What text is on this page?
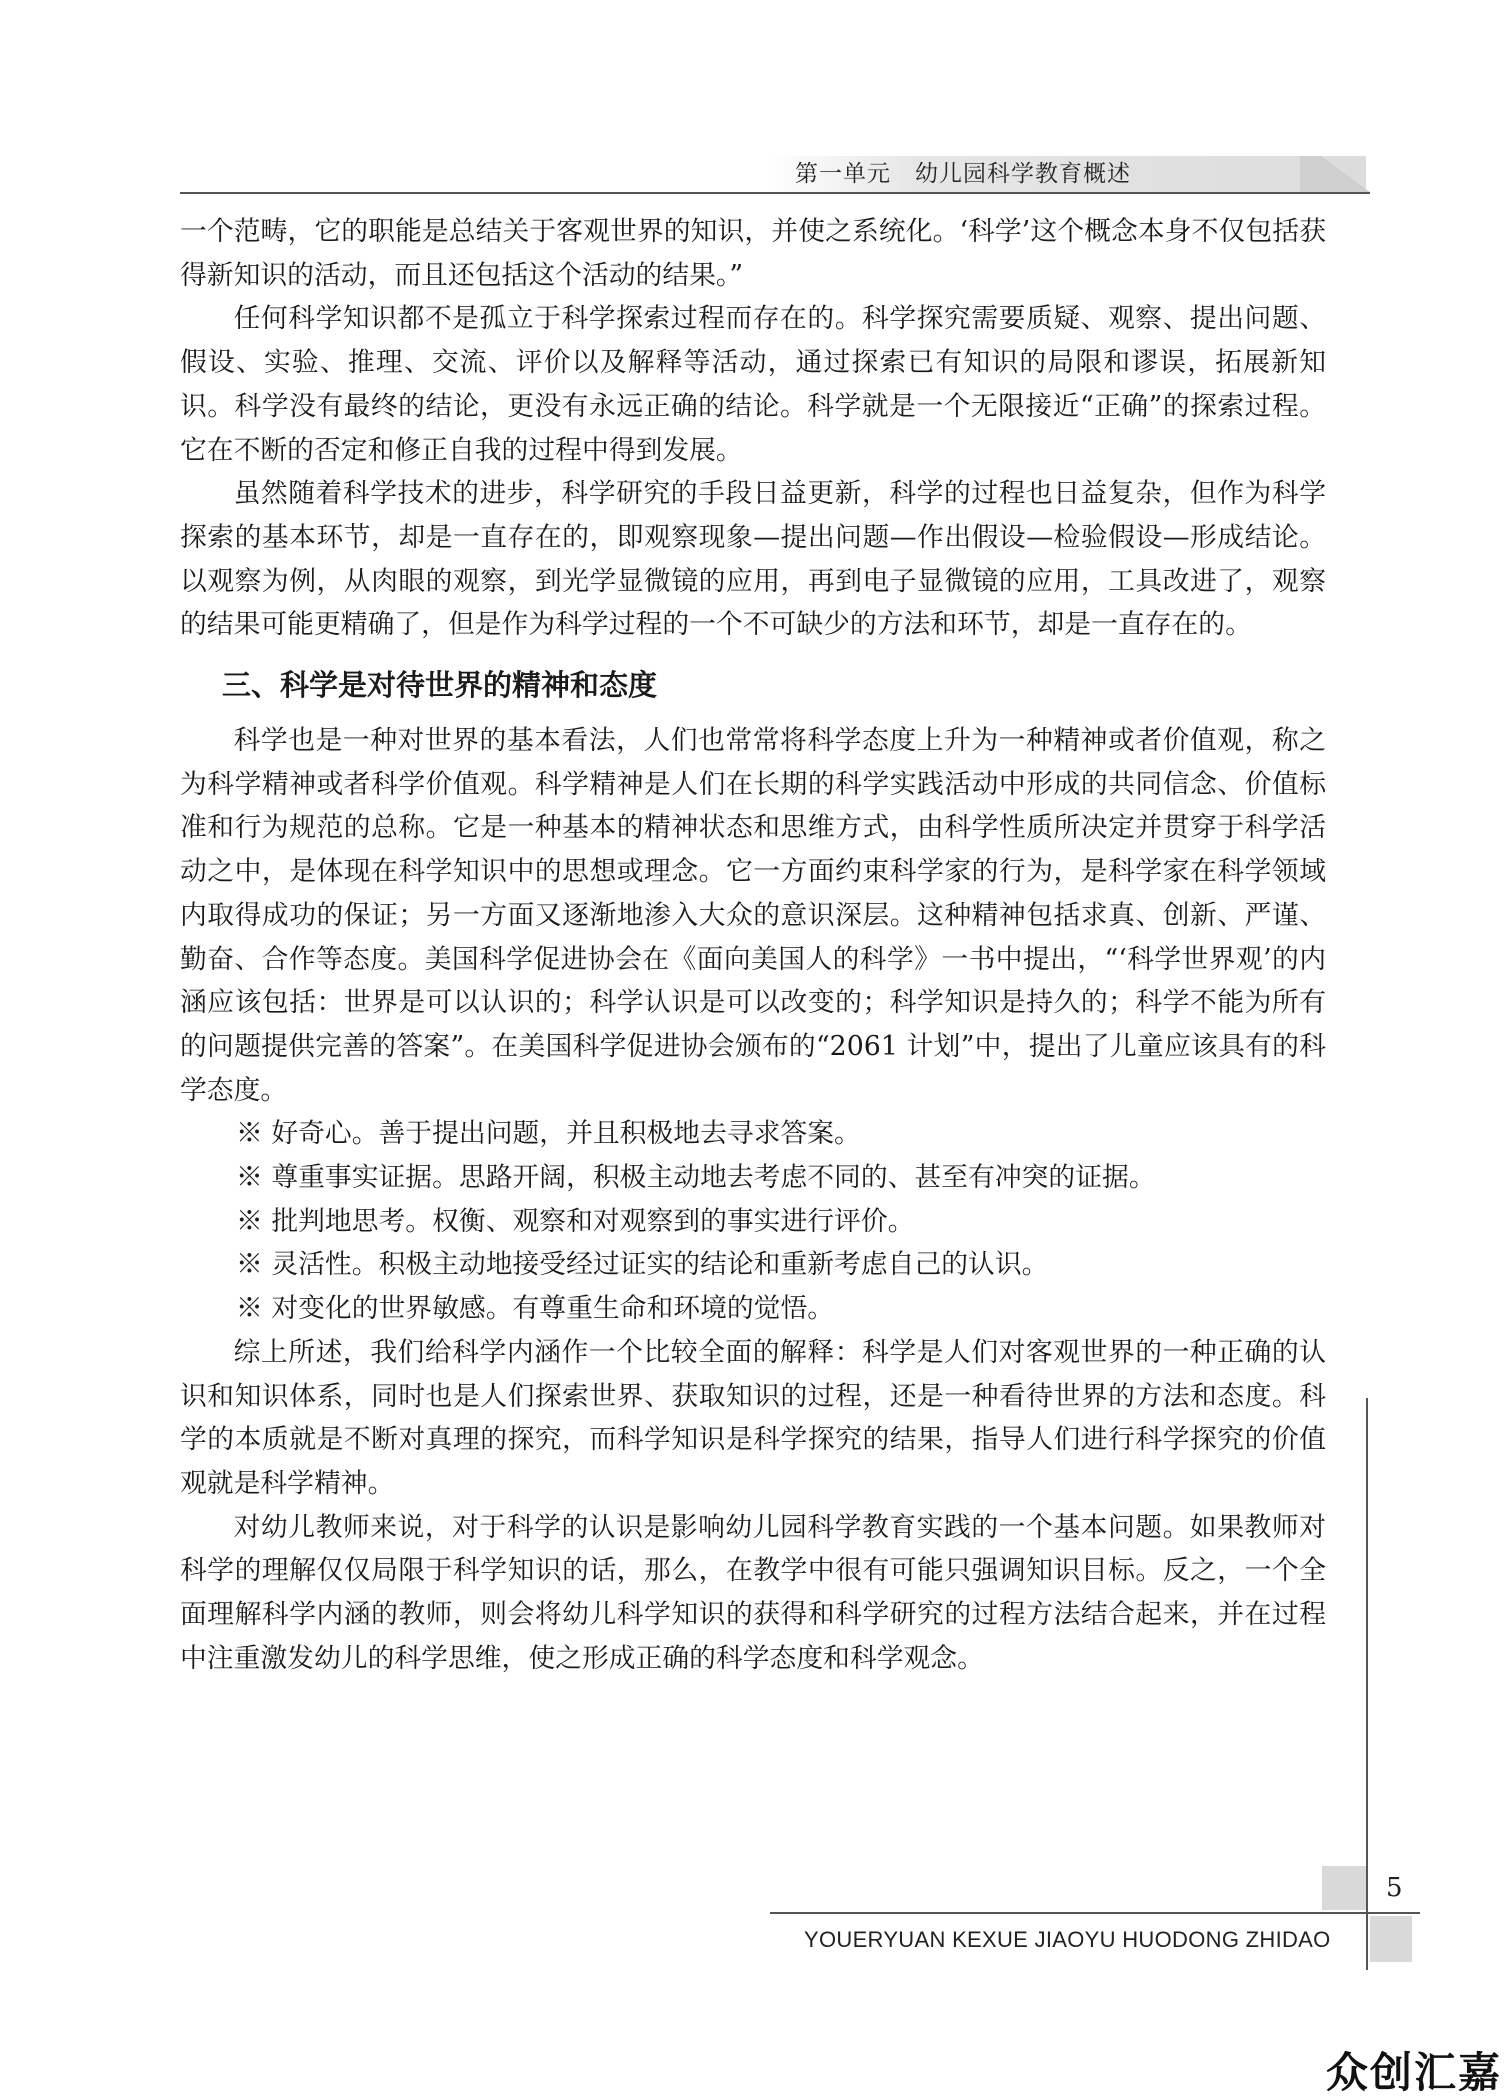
第一单元　幼儿园科学教育概述

一个范畴，它的职能是总结关于客观世界的知识，并使之系统化。‘科学’这个概念本身不仅包括获得新知识的活动，而且还包括这个活动的结果。”

任何科学知识都不是孤立于科学探索过程而存在的。科学探究需要质疑、观察、提出问题、假设、实验、推理、交流、评价以及解释等活动，通过探索已有知识的局限和谬误，拓展新知识。科学没有最终的结论，更没有永远正确的结论。科学就是一个无限接近“正确”的探索过程。它在不断的否定和修正自我的过程中得到发展。

虽然随着科学技术的进步，科学研究的手段日益更新，科学的过程也日益复杂，但作为科学探索的基本环节，却是一直存在的，即观察现象—提出问题—作出假设—检验假设—形成结论。以观察为例，从肉眼的观察，到光学显微镜的应用，再到电子显微镜的应用，工具改进了，观察的结果可能更精确了，但是作为科学过程的一个不可缺少的方法和环节，却是一直存在的。

三、科学是对待世界的精神和态度

科学也是一种对世界的基本看法，人们也常常将科学态度上升为一种精神或者价值观，称之为科学精神或者科学价值观。科学精神是人们在长期的科学实践活动中形成的共同信念、价值标准和行为规范的总称。它是一种基本的精神状态和思维方式，由科学性质所决定并贯穿于科学活动之中，是体现在科学知识中的思想或理念。它一方面约束科学家的行为，是科学家在科学领域内取得成功的保证；另一方面又逐渐地渗入大众的意识深层。这种精神包括求真、创新、严谨、勤奋、合作等态度。美国科学促进协会在《面向美国人的科学》一书中提出，“‘科学世界观’的内涵应该包括：世界是可以认识的；科学认识是可以改变的；科学知识是持久的；科学不能为所有的问题提供完善的答案”。在美国科学促进协会颁布的“2061 计划”中，提出了儿童应该具有的科学态度。

※ 好奇心。善于提出问题，并且积极地去寻求答案。

※ 尊重事实证据。思路开阔，积极主动地去考虑不同的、甚至有冲突的证据。

※ 批判地思考。权衡、观察和对观察到的事实进行评价。

※ 灵活性。积极主动地接受经过证实的结论和重新考虑自己的认识。

※ 对变化的世界敏感。有尊重生命和环境的觉悟。

综上所述，我们给科学内涵作一个比较全面的解释：科学是人们对客观世界的一种正确的认识和知识体系，同时也是人们探索世界、获取知识的过程，还是一种看待世界的方法和态度。科学的本质就是不断对真理的探究，而科学知识是科学探究的结果，指导人们进行科学探究的价值观就是科学精神。

对幼儿教师来说，对于科学的认识是影响幼儿园科学教育实践的一个基本问题。如果教师对科学的理解仅仅局限于科学知识的话，那么，在教学中很有可能只强调知识目标。反之，一个全面理解科学内涵的教师，则会将幼儿科学知识的获得和科学研究的过程方法结合起来，并在过程中注重激发幼儿的科学思维，使之形成正确的科学态度和科学观念。

5
YOUERYUAN KEXUE JIAOYU HUODONG ZHIDAO
众创汇嘉
